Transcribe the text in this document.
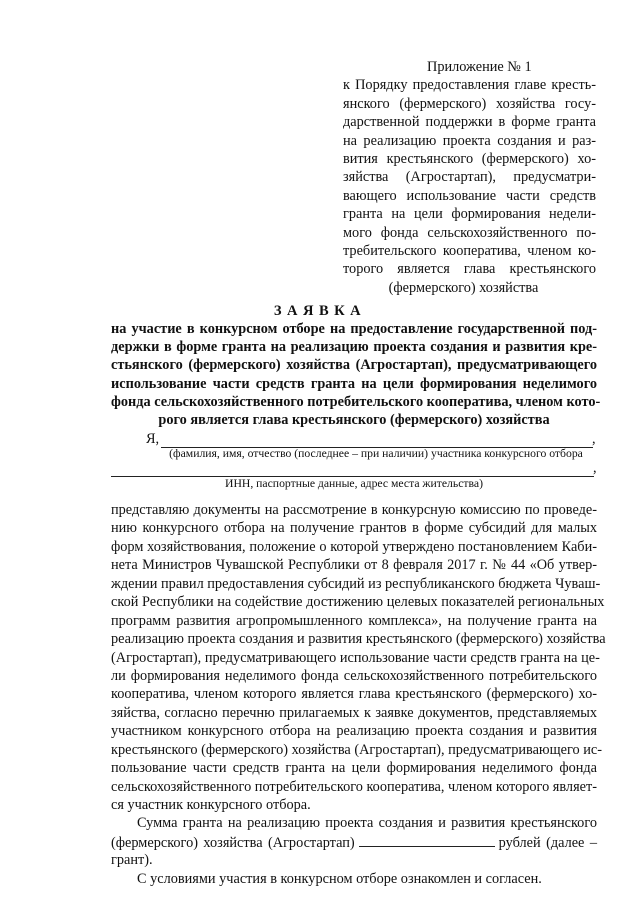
Приложение № 1
к Порядку предоставления главе кресть-
янского (фермерского) хозяйства госу-
дарственной поддержки в форме гранта
на реализацию проекта создания и раз-
вития крестьянского (фермерского) хо-
зяйства (Агростартап), предусматри-
вающего использование части средств
гранта на цели формирования недели-
мого фонда сельскохозяйственного по-
требительского кооператива, членом ко-
торого является глава крестьянского
(фермерского) хозяйства
ЗАЯВКА
на участие в конкурсном отборе на предоставление государственной под-
держки в форме гранта на реализацию проекта создания и развития кре-
стьянского (фермерского) хозяйства (Агростартап), предусматривающего
использование части средств гранта на цели формирования неделимого
фонда сельскохозяйственного потребительского кооператива, членом кото-
рого является глава крестьянского (фермерского) хозяйства
Я,	,
(фамилия, имя, отчество (последнее – при наличии) участника конкурсного отбора
,
ИНН, паспортные данные, адрес места жительства)
представляю документы на рассмотрение в конкурсную комиссию по проведе-
нию конкурсного отбора на получение грантов в форме субсидий для малых
форм хозяйствования, положение о которой утверждено постановлением Каби-
нета Министров Чувашской Республики от 8 февраля 2017 г. № 44 «Об утвер-
ждении правил предоставления субсидий из республиканского бюджета Чуваш-
ской Республики на содействие достижению целевых показателей региональных
программ развития агропромышленного комплекса», на получение гранта на
реализацию проекта создания и развития крестьянского (фермерского) хозяйства
(Агростартап), предусматривающего использование части средств гранта на це-
ли формирования неделимого фонда сельскохозяйственного потребительского
кооператива, членом которого является глава крестьянского (фермерского) хо-
зяйства, согласно перечню прилагаемых к заявке документов, представляемых
участником конкурсного отбора на реализацию проекта создания и развития
крестьянского (фермерского) хозяйства (Агростартап), предусматривающего ис-
пользование части средств гранта на цели формирования неделимого фонда
сельскохозяйственного потребительского кооператива, членом которого являет-
ся участник конкурсного отбора.
Сумма гранта на реализацию проекта создания и развития крестьянского
(фермерского) хозяйства (Агростартап)	рублей (далее –
грант).
С условиями участия в конкурсном отборе ознакомлен и согласен.
